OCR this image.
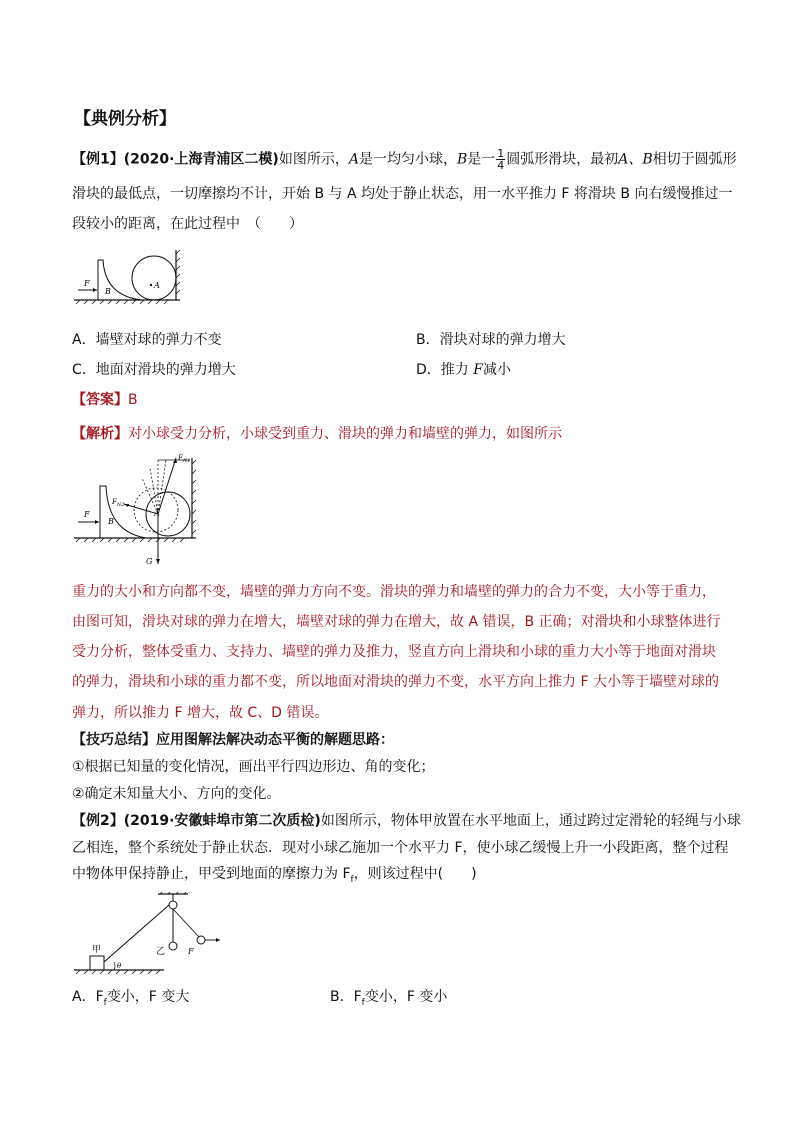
【典例分析】
【例1】(2020·上海青浦区二模)如图所示，A是一均匀小球，B是一 $\frac{1}{4}$ 圆弧形滑块，最初A、B相切于圆弧形
滑块的最低点，一切摩擦均不计，开始 B 与 A 均处于静止状态，用一水平推力 F 将滑块 B 向右缓慢推过一
段较小的距离，在此过程中　（　　）
F
B
A
A．墙壁对球的弹力不变	B．滑块对球的弹力增大
C．地面对滑块的弹力增大	D．推力 F减小
【答案】B
【解析】对小球受力分析，小球受到重力、滑块的弹力和墙壁的弹力，如图所示
$F_{N1}$
$F_{N2}$
F
B
A
G
重力的大小和方向都不变，墙壁的弹力方向不变。滑块的弹力和墙壁的弹力的合力不变，大小等于重力，
由图可知，滑块对球的弹力在增大，墙壁对球的弹力在增大，故 A 错误，B 正确；对滑块和小球整体进行
受力分析，整体受重力、支持力、墙壁的弹力及推力，竖直方向上滑块和小球的重力大小等于地面对滑块
的弹力，滑块和小球的重力都不变，所以地面对滑块的弹力不变，水平方向上推力 F 大小等于墙壁对球的
弹力，所以推力 F 增大，故 C、D 错误。
【技巧总结】应用图解法解决动态平衡的解题思路：
①根据已知量的变化情况，画出平行四边形边、角的变化；
②确定未知量大小、方向的变化。
【例2】(2019·安徽蚌埠市第二次质检)如图所示，物体甲放置在水平地面上，通过跨过定滑轮的轻绳与小球
乙相连，整个系统处于静止状态．现对小球乙施加一个水平力 F，使小球乙缓慢上升一小段距离，整个过程
中物体甲保持静止，甲受到地面的摩擦力为 $F_f$，则该过程中(　　)
甲	乙
θ
F
A．$F_f$变小，F 变大	B．$F_f$变小，F 变小
